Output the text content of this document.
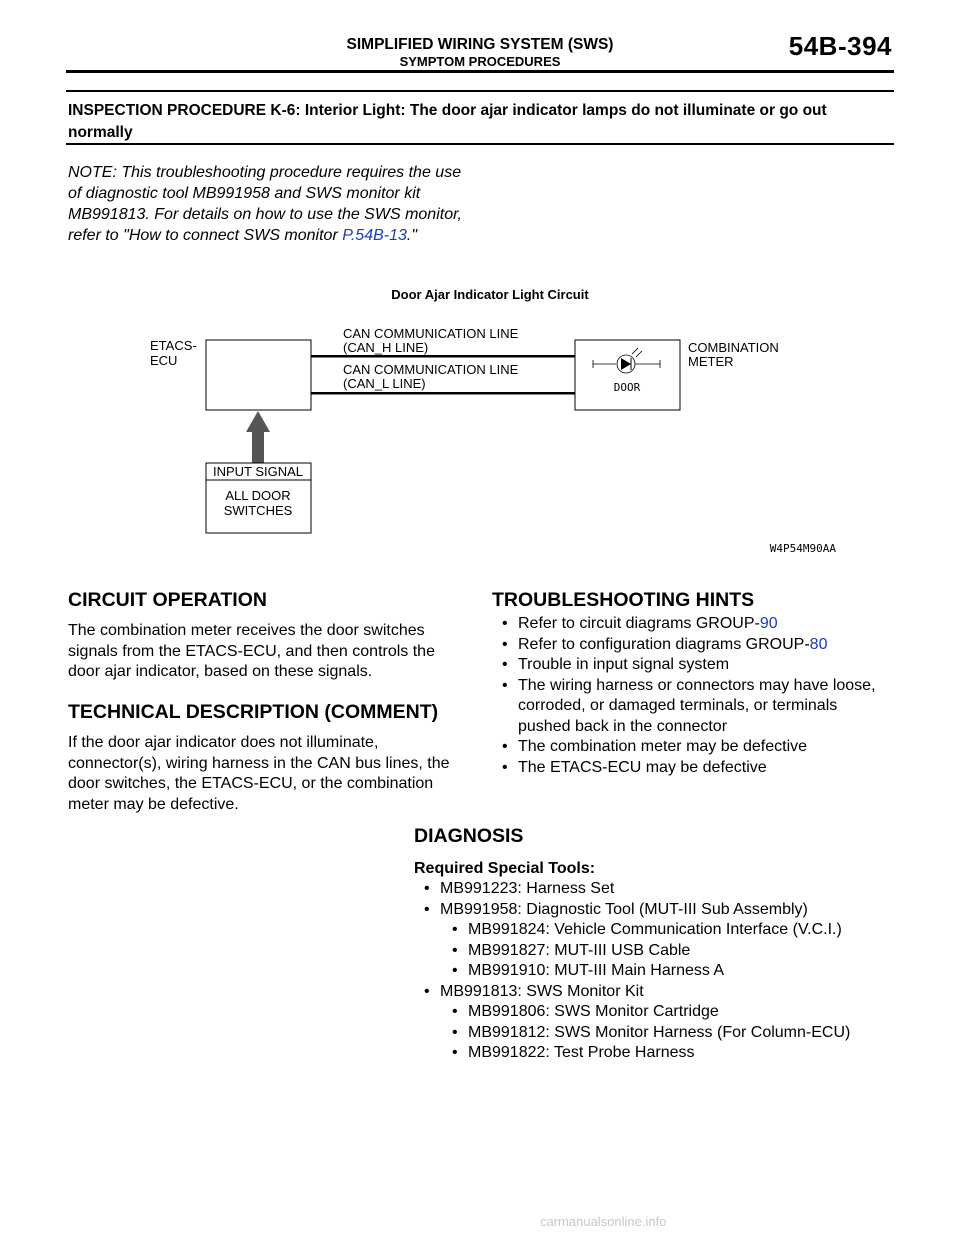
SIMPLIFIED WIRING SYSTEM (SWS)
SYMPTOM PROCEDURES
54B-394
INSPECTION PROCEDURE K-6: Interior Light: The door ajar indicator lamps do not illuminate or go out normally
NOTE: This troubleshooting procedure requires the use of diagnostic tool MB991958 and SWS monitor kit MB991813. For details on how to use the SWS monitor, refer to "How to connect SWS monitor P.54B-13."
Door Ajar Indicator Light Circuit
ETACS-
ECU
CAN COMMUNICATION LINE
(CAN_H LINE)
CAN COMMUNICATION LINE
(CAN_L LINE)
COMBINATION
METER
DOOR
INPUT SIGNAL
ALL DOOR
SWITCHES
W4P54M90AA
CIRCUIT OPERATION
The combination meter receives the door switches signals from the ETACS-ECU, and then controls the door ajar indicator, based on these signals.
TECHNICAL DESCRIPTION (COMMENT)
If the door ajar indicator does not illuminate, connector(s), wiring harness in the CAN bus lines, the door switches, the ETACS-ECU, or the combination meter may be defective.
TROUBLESHOOTING HINTS
• Refer to circuit diagrams GROUP-90
• Refer to configuration diagrams GROUP-80
• Trouble in input signal system
• The wiring harness or connectors may have loose, corroded, or damaged terminals, or terminals pushed back in the connector
• The combination meter may be defective
• The ETACS-ECU may be defective
DIAGNOSIS
Required Special Tools:
• MB991223: Harness Set
• MB991958: Diagnostic Tool (MUT-III Sub Assembly)
• MB991824: Vehicle Communication Interface (V.C.I.)
• MB991827: MUT-III USB Cable
• MB991910: MUT-III Main Harness A
• MB991813: SWS Monitor Kit
• MB991806: SWS Monitor Cartridge
• MB991812: SWS Monitor Harness (For Column-ECU)
• MB991822: Test Probe Harness
carmanualsonline.info
